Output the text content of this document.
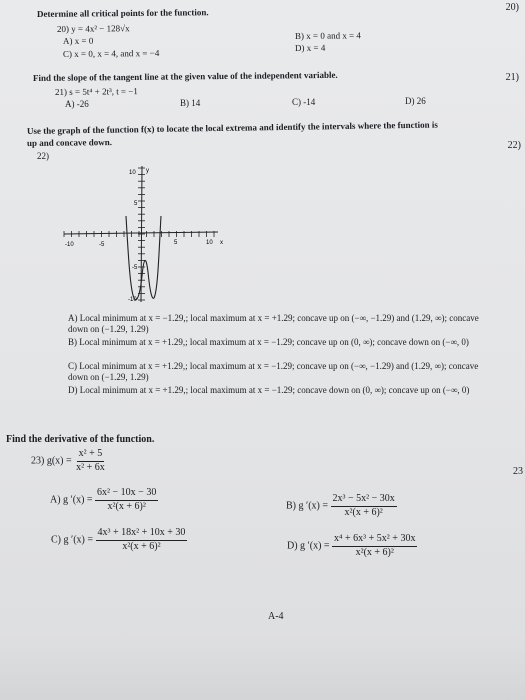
Determine all critical points for the function.	20)
20) y = 4x² − 128√x
A) x = 0	B) x = 0 and x = 4
C) x = 0, x = 4, and x = −4
D) x = 4
Find the slope of the tangent line at the given value of the independent variable.	21)
21) s = 5t⁴ + 2t³, t = −1
A) -26	B) 14	C) -14	D) 26
Use the graph of the function f(x) to locate the local extrema and identify the intervals where the function is
up and concave down.	22)
22)
-10	-5	5	10 x
10
5
-5
-10
y
A) Local minimum at x = −1.29,; local maximum at x = +1.29; concave up on (−∞, −1.29) and (1.29, ∞); concave down on (−1.29, 1.29)
B) Local minimum at x = +1.29,; local maximum at x = −1.29; concave up on (0, ∞); concave down on (−∞, 0)
C) Local minimum at x = +1.29,; local maximum at x = −1.29; concave up on (−∞, −1.29) and (1.29, ∞); concave down on (−1.29, 1.29)
D) Local minimum at x = +1.29,; local maximum at x = −1.29; concave down on (0, ∞); concave up on (−∞, 0)
Find the derivative of the function.
23
23) $g(x) = \frac{\text{x² + 5}}{\text{x² + 6x}}$
A) g $'(x) = \frac{\text{6x² − 10x − 30}}{\text{x²(x + 6)²}}$	B) g $'(x) = \frac{\text{2x³ − 5x² − 30x}}{\text{x²(x + 6)²}}$
C) g $'(x) = \frac{\text{4x³ + 18x² + 10x + 30}}{\text{x²(x + 6)²}}$	D) g $'(x) = \frac{\text{x⁴ + 6x³ + 5x² + 30x}}{\text{x²(x + 6)²}}$
A-4
